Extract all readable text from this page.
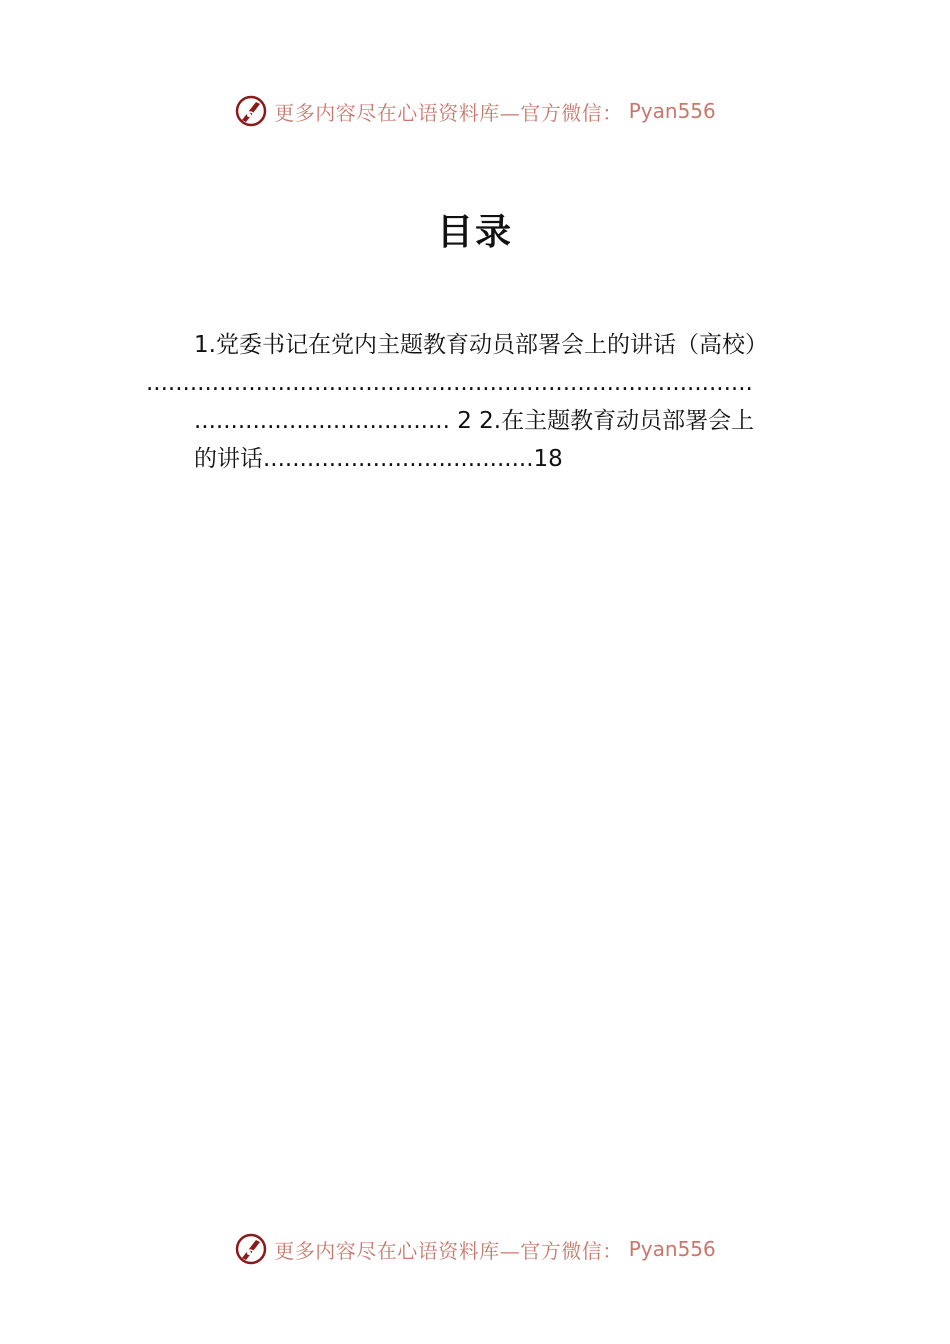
更多内容尽在心语资料库—官方微信： Pyan556
目录
1.党委书记在党内主题教育动员部署会上的讲话（高校）
...................................................................................
................................... 2 2.在主题教育动员部署会上
的讲话.....................................18
更多内容尽在心语资料库—官方微信： Pyan556
